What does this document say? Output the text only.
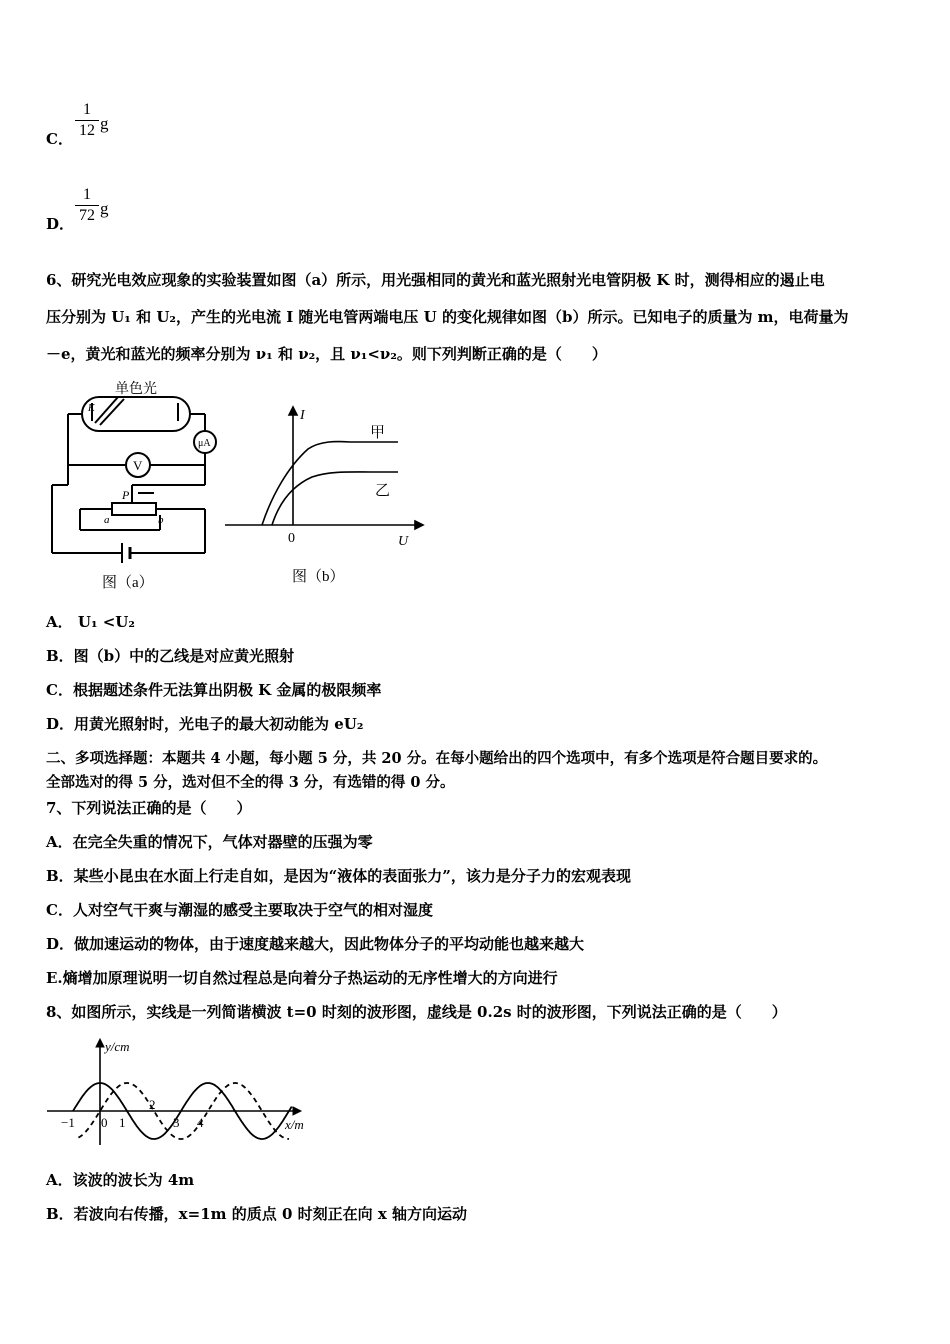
C．
1
12 g
D．
1
72 g
6、研究光电效应现象的实验装置如图（a）所示，用光强相同的黄光和蓝光照射光电管阴极 K 时，测得相应的遏止电
压分别为 U₁ 和 U₂，产生的光电流 I 随光电管两端电压 U 的变化规律如图（b）所示。已知电子的质量为 m，电荷量为
－e，黄光和蓝光的频率分别为 ν₁ 和 ν₂，且 ν₁<ν₂。则下列判断正确的是（　　）
单色光
K
μA
V
P
a	b
图（a）
I
甲
乙
0	U
图（b）
A． U₁ <U₂
B．图（b）中的乙线是对应黄光照射
C．根据题述条件无法算出阴极 K 金属的极限频率
D．用黄光照射时，光电子的最大初动能为 eU₂
二、多项选择题：本题共 4 小题，每小题 5 分，共 20 分。在每小题给出的四个选项中，有多个选项是符合题目要求的。
全部选对的得 5 分，选对但不全的得 3 分，有选错的得 0 分。
7、下列说法正确的是（　　）
A．在完全失重的情况下，气体对器壁的压强为零
B．某些小昆虫在水面上行走自如，是因为“液体的表面张力”，该力是分子力的宏观表现
C．人对空气干爽与潮湿的感受主要取决于空气的相对湿度
D．做加速运动的物体，由于速度越来越大，因此物体分子的平均动能也越来越大
E.熵增加原理说明一切自然过程总是向着分子热运动的无序性增大的方向进行
8、如图所示，实线是一列简谐横波 t=0 时刻的波形图，虚线是 0.2s 时的波形图，下列说法正确的是（　　）
y/cm
x/m
−1 0 1
2
3 4
A．该波的波长为 4m
B．若波向右传播，x=1m 的质点 0 时刻正在向 x 轴方向运动
